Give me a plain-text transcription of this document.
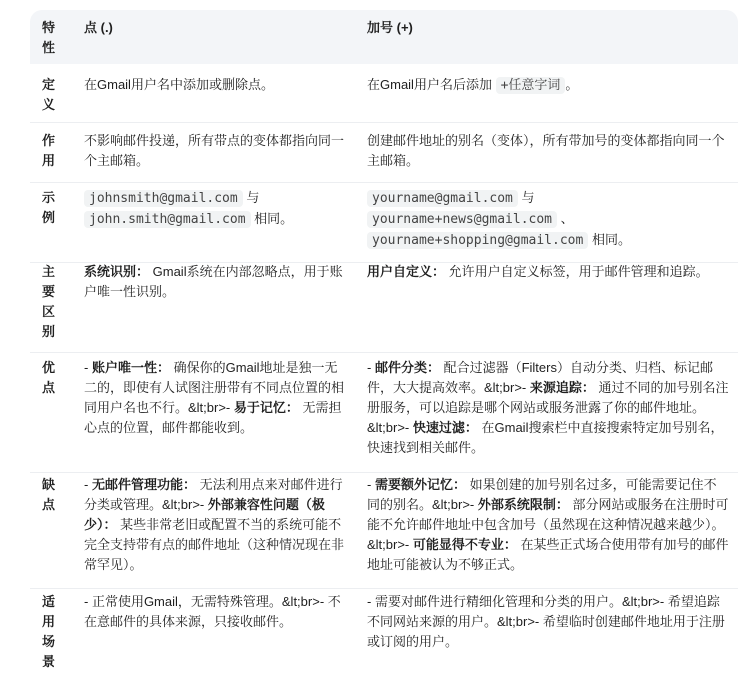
特性
点 (.)	加号 (+)
定义
在Gmail用户名中添加或删除点。	在Gmail用户名后添加 +任意字词 。
作用
不影响邮件投递，所有带点的变体都指向同一个主邮箱。
创建邮件地址的别名（变体），所有带加号的变体都指向同一个主邮箱。
示例
johnsmith@gmail.com 与
john.smith@gmail.com 相同。
yourname@gmail.com 与
yourname+news@gmail.com 、
yourname+shopping@gmail.com 相同。
主要区别
系统识别： Gmail系统在内部忽略点，用于账户唯一性识别。
用户自定义： 允许用户自定义标签，用于邮件管理和追踪。
优点
- 账户唯一性： 确保你的Gmail地址是独一无二的，即使有人试图注册带有不同点位置的相同用户名也不行。&lt;br>- 易于记忆： 无需担心点的位置，邮件都能收到。
- 邮件分类： 配合过滤器（Filters）自动分类、归档、标记邮件，大大提高效率。&lt;br>- 来源追踪： 通过不同的加号别名注册服务，可以追踪是哪个网站或服务泄露了你的邮件地址。&lt;br>- 快速过滤： 在Gmail搜索栏中直接搜索特定加号别名，快速找到相关邮件。
缺点
- 无邮件管理功能： 无法利用点来对邮件进行分类或管理。&lt;br>- 外部兼容性问题（极少）： 某些非常老旧或配置不当的系统可能不完全支持带有点的邮件地址（这种情况现在非常罕见）。
- 需要额外记忆： 如果创建的加号别名过多，可能需要记住不同的别名。&lt;br>- 外部系统限制： 部分网站或服务在注册时可能不允许邮件地址中包含加号（虽然现在这种情况越来越少）。&lt;br>- 可能显得不专业： 在某些正式场合使用带有加号的邮件地址可能被认为不够正式。
适用场景
- 正常使用Gmail，无需特殊管理。&lt;br>- 不在意邮件的具体来源，只接收邮件。
- 需要对邮件进行精细化管理和分类的用户。&lt;br>- 希望追踪不同网站来源的用户。&lt;br>- 希望临时创建邮件地址用于注册或订阅的用户。
